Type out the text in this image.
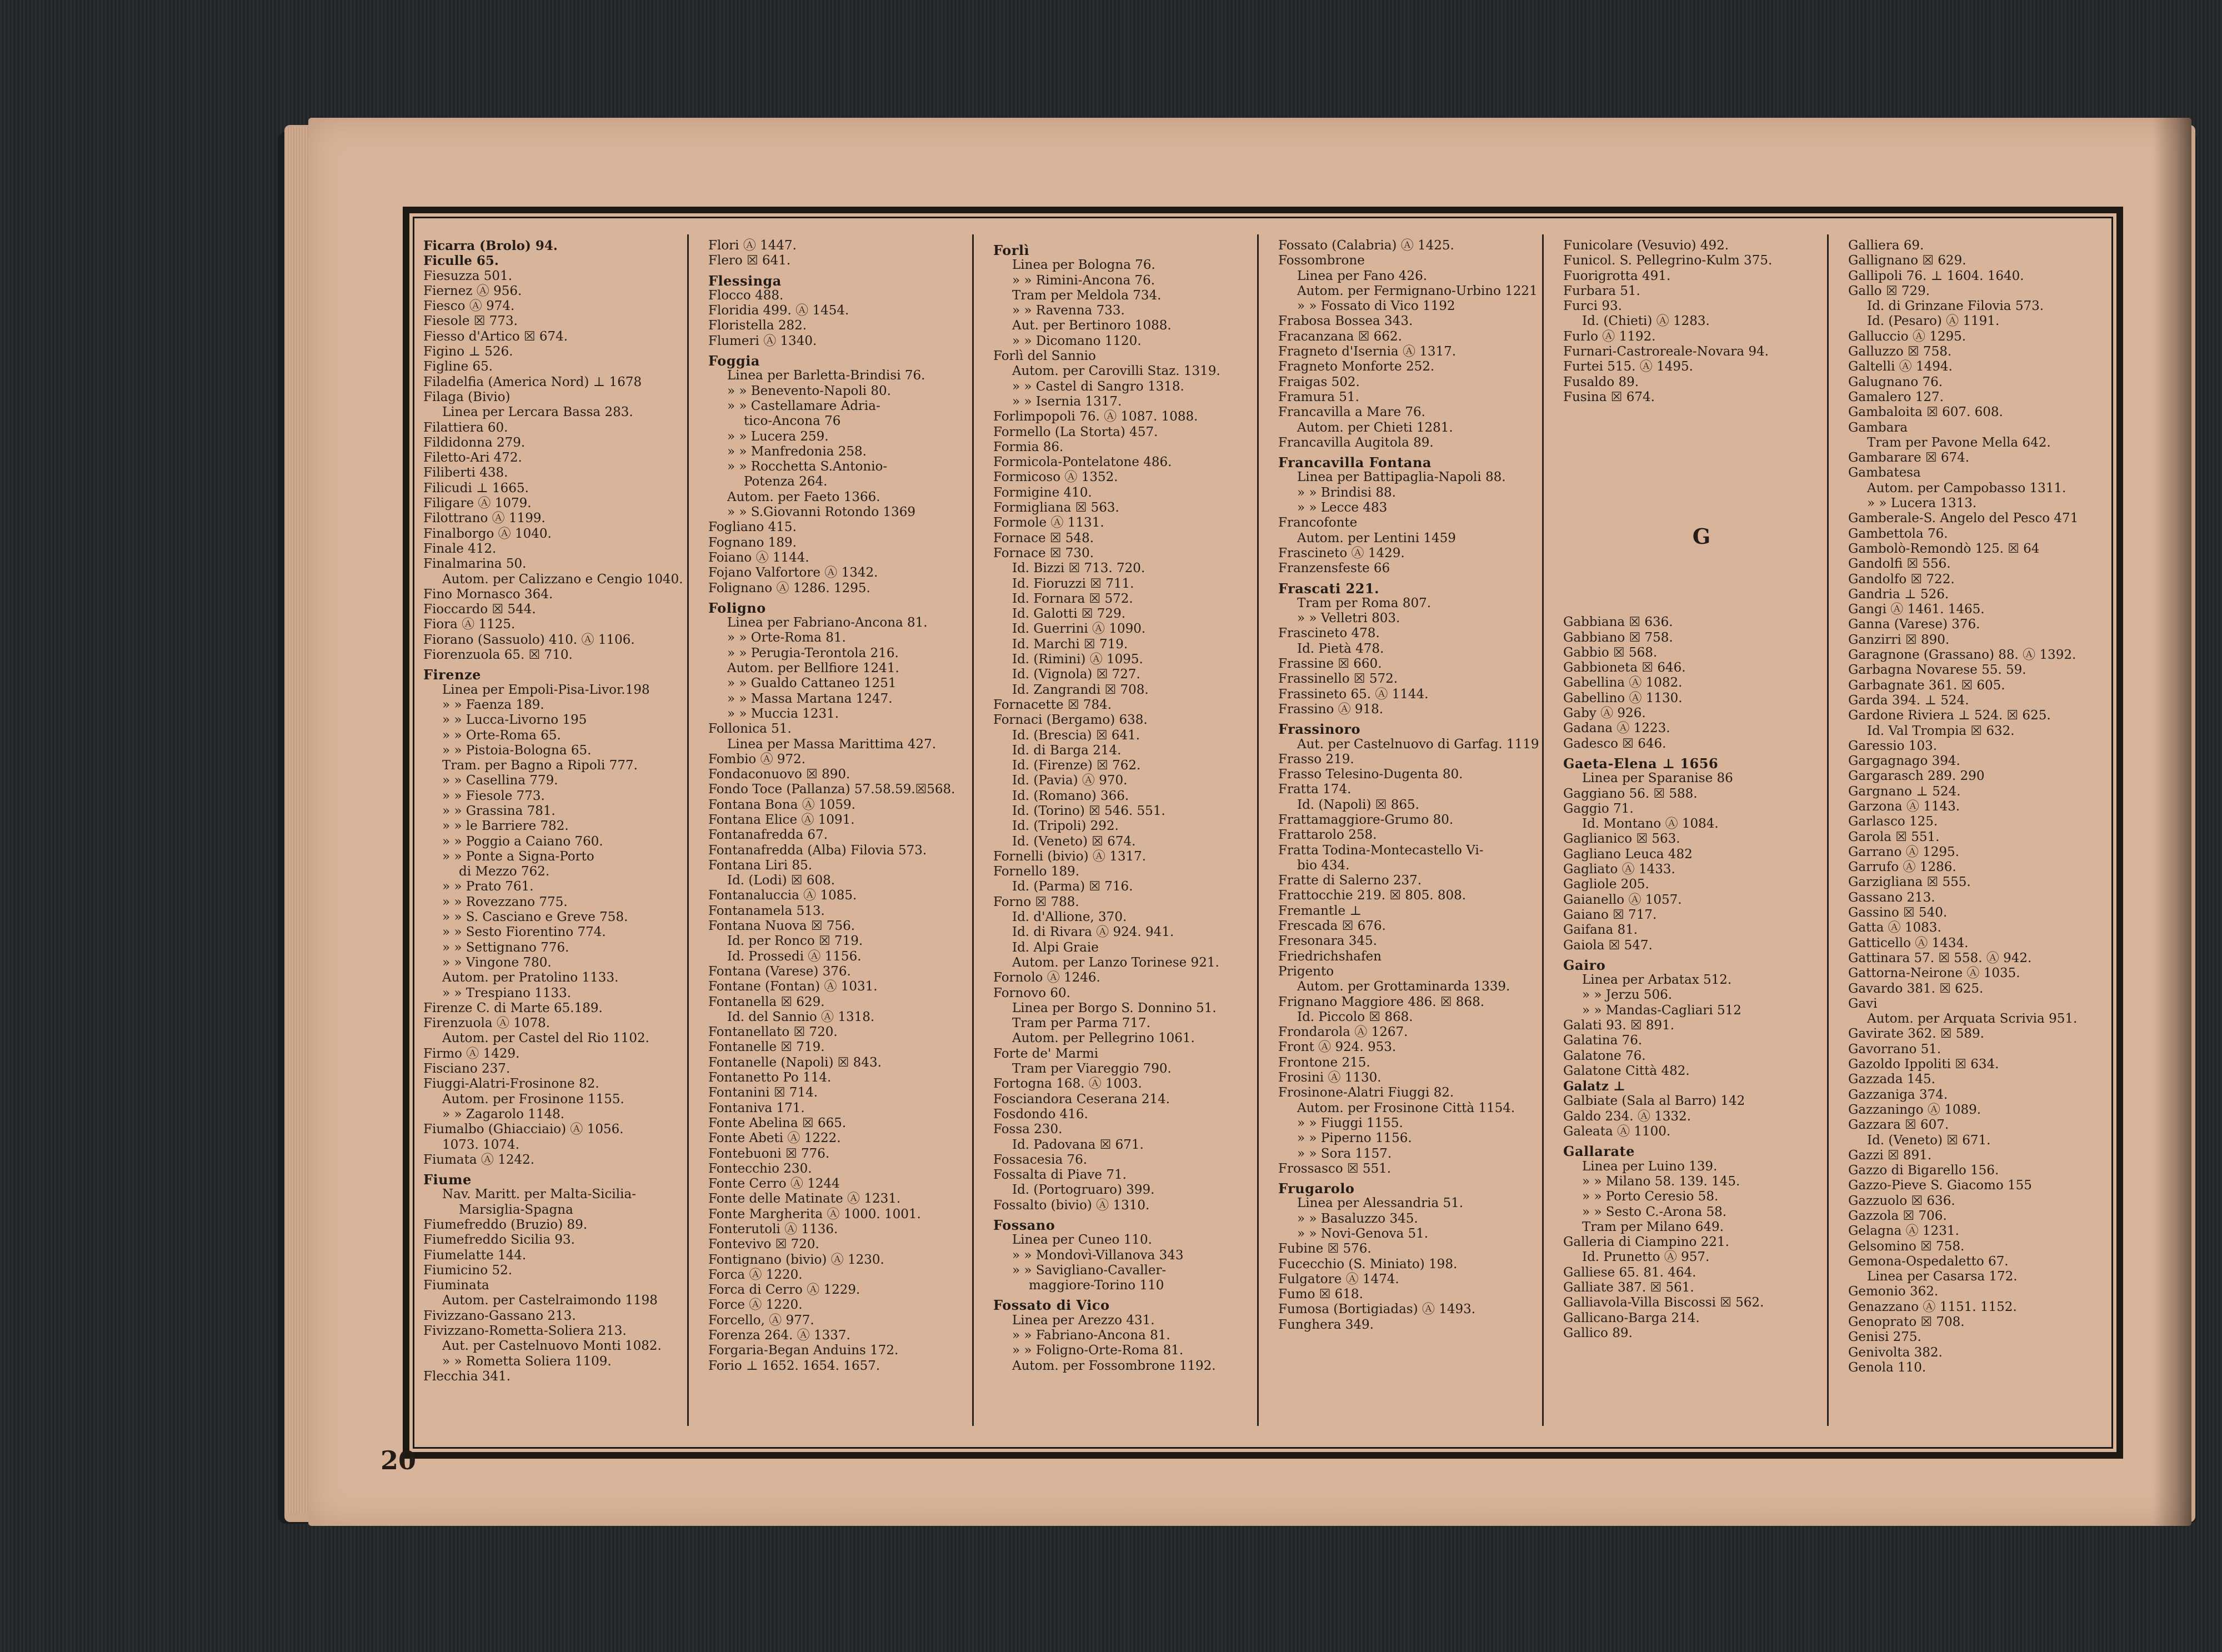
Ficarra (Brolo) 94.
Ficulle 65.
Fiesuzza 501.
Fiernez Ⓐ 956.
Fiesco Ⓐ 974.
Fiesole ☒ 773.
Fiesso d'Artico ☒ 674.
Figino ⊥ 526.
Figline 65.
Filadelfia (America Nord) ⊥ 1678
Filaga (Bivio)
Linea per Lercara Bassa 283.
Filattiera 60.
Fildidonna 279.
Filetto-Ari 472.
Filiberti 438.
Filicudi ⊥ 1665.
Filigare Ⓐ 1079.
Filottrano Ⓐ 1199.
Finalborgo Ⓐ 1040.
Finale 412.
Finalmarina 50.
Autom. per Calizzano e Cengio 1040.
Fino Mornasco 364.
Fioccardo ☒ 544.
Fiora Ⓐ 1125.
Fiorano (Sassuolo) 410. Ⓐ 1106.
Fiorenzuola 65. ☒ 710.
Firenze
Linea per Empoli-Pisa-Livor.198
» » Faenza 189.
» » Lucca-Livorno 195
» » Orte-Roma 65.
» » Pistoia-Bologna 65.
Tram. per Bagno a Ripoli 777.
» » Casellina 779.
» » Fiesole 773.
» » Grassina 781.
» » le Barriere 782.
» » Poggio a Caiano 760.
» » Ponte a Signa-Porto
di Mezzo 762.
» » Prato 761.
» » Rovezzano 775.
» » S. Casciano e Greve 758.
» » Sesto Fiorentino 774.
» » Settignano 776.
» » Vingone 780.
Autom. per Pratolino 1133.
» » Trespiano 1133.
Firenze C. di Marte 65.189.
Firenzuola Ⓐ 1078.
Autom. per Castel del Rio 1102.
Firmo Ⓐ 1429.
Fisciano 237.
Fiuggi-Alatri-Frosinone 82.
Autom. per Frosinone 1155.
» » Zagarolo 1148.
Fiumalbo (Ghiacciaio) Ⓐ 1056.
1073. 1074.
Fiumata Ⓐ 1242.
Fiume
Nav. Maritt. per Malta-Sicilia-
Marsiglia-Spagna
Fiumefreddo (Bruzio) 89.
Fiumefreddo Sicilia 93.
Fiumelatte 144.
Fiumicino 52.
Fiuminata
Autom. per Castelraimondo 1198
Fivizzano-Gassano 213.
Fivizzano-Rometta-Soliera 213.
Aut. per Castelnuovo Monti 1082.
» » Rometta Soliera 1109.
Flecchia 341.
Flori Ⓐ 1447.
Flero ☒ 641.
Flessinga
Flocco 488.
Floridia 499. Ⓐ 1454.
Floristella 282.
Flumeri Ⓐ 1340.
Foggia
Linea per Barletta-Brindisi 76.
» » Benevento-Napoli 80.
» » Castellamare Adria-
tico-Ancona 76
» » Lucera 259.
» » Manfredonia 258.
» » Rocchetta S.Antonio-
Potenza 264.
Autom. per Faeto 1366.
» » S.Giovanni Rotondo 1369
Fogliano 415.
Fognano 189.
Foiano Ⓐ 1144.
Fojano Valfortore Ⓐ 1342.
Folignano Ⓐ 1286. 1295.
Foligno
Linea per Fabriano-Ancona 81.
» » Orte-Roma 81.
» » Perugia-Terontola 216.
Autom. per Bellfiore 1241.
» » Gualdo Cattaneo 1251
» » Massa Martana 1247.
» » Muccia 1231.
Follonica 51.
Linea per Massa Marittima 427.
Fombio Ⓐ 972.
Fondaconuovo ☒ 890.
Fondo Toce (Pallanza) 57.58.59.☒568.
Fontana Bona Ⓐ 1059.
Fontana Elice Ⓐ 1091.
Fontanafredda 67.
Fontanafredda (Alba) Filovia 573.
Fontana Liri 85.
Id. (Lodi) ☒ 608.
Fontanaluccia Ⓐ 1085.
Fontanamela 513.
Fontana Nuova ☒ 756.
Id. per Ronco ☒ 719.
Id. Prossedi Ⓐ 1156.
Fontana (Varese) 376.
Fontane (Fontan) Ⓐ 1031.
Fontanella ☒ 629.
Id. del Sannio Ⓐ 1318.
Fontanellato ☒ 720.
Fontanelle ☒ 719.
Fontanelle (Napoli) ☒ 843.
Fontanetto Po 114.
Fontanini ☒ 714.
Fontaniva 171.
Fonte Abelina ☒ 665.
Fonte Abeti Ⓐ 1222.
Fontebuoni ☒ 776.
Fontecchio 230.
Fonte Cerro Ⓐ 1244
Fonte delle Matinate Ⓐ 1231.
Fonte Margherita Ⓐ 1000. 1001.
Fonterutoli Ⓐ 1136.
Fontevivo ☒ 720.
Fontignano (bivio) Ⓐ 1230.
Forca Ⓐ 1220.
Forca di Cerro Ⓐ 1229.
Force Ⓐ 1220.
Forcello, Ⓐ 977.
Forenza 264. Ⓐ 1337.
Forgaria-Began Anduins 172.
Forio ⊥ 1652. 1654. 1657.
Forlì
Linea per Bologna 76.
» » Rimini-Ancona 76.
Tram per Meldola 734.
» » Ravenna 733.
Aut. per Bertinoro 1088.
» » Dicomano 1120.
Forlì del Sannio
Autom. per Carovilli Staz. 1319.
» » Castel di Sangro 1318.
» » Isernia 1317.
Forlimpopoli 76. Ⓐ 1087. 1088.
Formello (La Storta) 457.
Formia 86.
Formicola-Pontelatone 486.
Formicoso Ⓐ 1352.
Formigine 410.
Formigliana ☒ 563.
Formole Ⓐ 1131.
Fornace ☒ 548.
Fornace ☒ 730.
Id. Bizzi ☒ 713. 720.
Id. Fioruzzi ☒ 711.
Id. Fornara ☒ 572.
Id. Galotti ☒ 729.
Id. Guerrini Ⓐ 1090.
Id. Marchi ☒ 719.
Id. (Rimini) Ⓐ 1095.
Id. (Vignola) ☒ 727.
Id. Zangrandi ☒ 708.
Fornacette ☒ 784.
Fornaci (Bergamo) 638.
Id. (Brescia) ☒ 641.
Id. di Barga 214.
Id. (Firenze) ☒ 762.
Id. (Pavia) Ⓐ 970.
Id. (Romano) 366.
Id. (Torino) ☒ 546. 551.
Id. (Tripoli) 292.
Id. (Veneto) ☒ 674.
Fornelli (bivio) Ⓐ 1317.
Fornello 189.
Id. (Parma) ☒ 716.
Forno ☒ 788.
Id. d'Allione, 370.
Id. di Rivara Ⓐ 924. 941.
Id. Alpi Graie
Autom. per Lanzo Torinese 921.
Fornolo Ⓐ 1246.
Fornovo 60.
Linea per Borgo S. Donnino 51.
Tram per Parma 717.
Autom. per Pellegrino 1061.
Forte de' Marmi
Tram per Viareggio 790.
Fortogna 168. Ⓐ 1003.
Fosciandora Ceserana 214.
Fosdondo 416.
Fossa 230.
Id. Padovana ☒ 671.
Fossacesia 76.
Fossalta di Piave 71.
Id. (Portogruaro) 399.
Fossalto (bivio) Ⓐ 1310.
Fossano
Linea per Cuneo 110.
» » Mondovì-Villanova 343
» » Savigliano-Cavaller-
maggiore-Torino 110
Fossato di Vico
Linea per Arezzo 431.
» » Fabriano-Ancona 81.
» » Foligno-Orte-Roma 81.
Autom. per Fossombrone 1192.
Fossato (Calabria) Ⓐ 1425.
Fossombrone
Linea per Fano 426.
Autom. per Fermignano-Urbino 1221
» » Fossato di Vico 1192
Frabosa Bossea 343.
Fracanzana ☒ 662.
Fragneto d'Isernia Ⓐ 1317.
Fragneto Monforte 252.
Fraigas 502.
Framura 51.
Francavilla a Mare 76.
Autom. per Chieti 1281.
Francavilla Augitola 89.
Francavilla Fontana
Linea per Battipaglia-Napoli 88.
» » Brindisi 88.
» » Lecce 483
Francofonte
Autom. per Lentini 1459
Frascineto Ⓐ 1429.
Franzensfeste 66
Frascati 221.
Tram per Roma 807.
» » Velletri 803.
Frascineto 478.
Id. Pietà 478.
Frassine ☒ 660.
Frassinello ☒ 572.
Frassineto 65. Ⓐ 1144.
Frassino Ⓐ 918.
Frassinoro
Aut. per Castelnuovo di Garfag. 1119
Frasso 219.
Frasso Telesino-Dugenta 80.
Fratta 174.
Id. (Napoli) ☒ 865.
Frattamaggiore-Grumo 80.
Frattarolo 258.
Fratta Todina-Montecastello Vi-
bio 434.
Fratte di Salerno 237.
Frattocchie 219. ☒ 805. 808.
Fremantle ⊥
Frescada ☒ 676.
Fresonara 345.
Friedrichshafen
Prigento
Autom. per Grottaminarda 1339.
Frignano Maggiore 486. ☒ 868.
Id. Piccolo ☒ 868.
Frondarola Ⓐ 1267.
Front Ⓐ 924. 953.
Frontone 215.
Frosini Ⓐ 1130.
Frosinone-Alatri Fiuggi 82.
Autom. per Frosinone Città 1154.
» » Fiuggi 1155.
» » Piperno 1156.
» » Sora 1157.
Frossasco ☒ 551.
Frugarolo
Linea per Alessandria 51.
» » Basaluzzo 345.
» » Novi-Genova 51.
Fubine ☒ 576.
Fucecchio (S. Miniato) 198.
Fulgatore Ⓐ 1474.
Fumo ☒ 618.
Fumosa (Bortigiadas) Ⓐ 1493.
Funghera 349.
Funicolare (Vesuvio) 492.
Funicol. S. Pellegrino-Kulm 375.
Fuorigrotta 491.
Furbara 51.
Furci 93.
Id. (Chieti) Ⓐ 1283.
Furlo Ⓐ 1192.
Furnari-Castroreale-Novara 94.
Furtei 515. Ⓐ 1495.
Fusaldo 89.
Fusina ☒ 674.
G
Gabbiana ☒ 636.
Gabbiano ☒ 758.
Gabbio ☒ 568.
Gabbioneta ☒ 646.
Gabellina Ⓐ 1082.
Gabellino Ⓐ 1130.
Gaby Ⓐ 926.
Gadana Ⓐ 1223.
Gadesco ☒ 646.
Gaeta-Elena ⊥ 1656
Linea per Sparanise 86
Gaggiano 56. ☒ 588.
Gaggio 71.
Id. Montano Ⓐ 1084.
Gaglianico ☒ 563.
Gagliano Leuca 482
Gagliato Ⓐ 1433.
Gagliole 205.
Gaianello Ⓐ 1057.
Gaiano ☒ 717.
Gaifana 81.
Gaiola ☒ 547.
Gairo
Linea per Arbatax 512.
» » Jerzu 506.
» » Mandas-Cagliari 512
Galati 93. ☒ 891.
Galatina 76.
Galatone 76.
Galatone Città 482.
Galatz ⊥
Galbiate (Sala al Barro) 142
Galdo 234. Ⓐ 1332.
Galeata Ⓐ 1100.
Gallarate
Linea per Luino 139.
» » Milano 58. 139. 145.
» » Porto Ceresio 58.
» » Sesto C.-Arona 58.
Tram per Milano 649.
Galleria di Ciampino 221.
Id. Prunetto Ⓐ 957.
Galliese 65. 81. 464.
Galliate 387. ☒ 561.
Galliavola-Villa Biscossi ☒ 562.
Gallicano-Barga 214.
Gallico 89.
Galliera 69.
Gallignano ☒ 629.
Gallipoli 76. ⊥ 1604. 1640.
Gallo ☒ 729.
Id. di Grinzane Filovia 573.
Id. (Pesaro) Ⓐ 1191.
Galluccio Ⓐ 1295.
Galluzzo ☒ 758.
Galtelli Ⓐ 1494.
Galugnano 76.
Gamalero 127.
Gambaloita ☒ 607. 608.
Gambara
Tram per Pavone Mella 642.
Gambarare ☒ 674.
Gambatesa
Autom. per Campobasso 1311.
» » Lucera 1313.
Gamberale-S. Angelo del Pesco 471
Gambettola 76.
Gambolò-Remondò 125. ☒ 64
Gandolfi ☒ 556.
Gandolfo ☒ 722.
Gandria ⊥ 526.
Gangi Ⓐ 1461. 1465.
Ganna (Varese) 376.
Ganzirri ☒ 890.
Garagnone (Grassano) 88. Ⓐ 1392.
Garbagna Novarese 55. 59.
Garbagnate 361. ☒ 605.
Garda 394. ⊥ 524.
Gardone Riviera ⊥ 524. ☒ 625.
Id. Val Trompia ☒ 632.
Garessio 103.
Gargagnago 394.
Gargarasch 289. 290
Gargnano ⊥ 524.
Garzona Ⓐ 1143.
Garlasco 125.
Garola ☒ 551.
Garrano Ⓐ 1295.
Garrufo Ⓐ 1286.
Garzigliana ☒ 555.
Gassano 213.
Gassino ☒ 540.
Gatta Ⓐ 1083.
Gatticello Ⓐ 1434.
Gattinara 57. ☒ 558. Ⓐ 942.
Gattorna-Neirone Ⓐ 1035.
Gavardo 381. ☒ 625.
Gavi
Autom. per Arquata Scrivia 951.
Gavirate 362. ☒ 589.
Gavorrano 51.
Gazoldo Ippoliti ☒ 634.
Gazzada 145.
Gazzaniga 374.
Gazzaningo Ⓐ 1089.
Gazzara ☒ 607.
Id. (Veneto) ☒ 671.
Gazzi ☒ 891.
Gazzo di Bigarello 156.
Gazzo-Pieve S. Giacomo 155
Gazzuolo ☒ 636.
Gazzola ☒ 706.
Gelagna Ⓐ 1231.
Gelsomino ☒ 758.
Gemona-Ospedaletto 67.
Linea per Casarsa 172.
Gemonio 362.
Genazzano Ⓐ 1151. 1152.
Genoprato ☒ 708.
Genisi 275.
Genivolta 382.
Genola 110.
20
